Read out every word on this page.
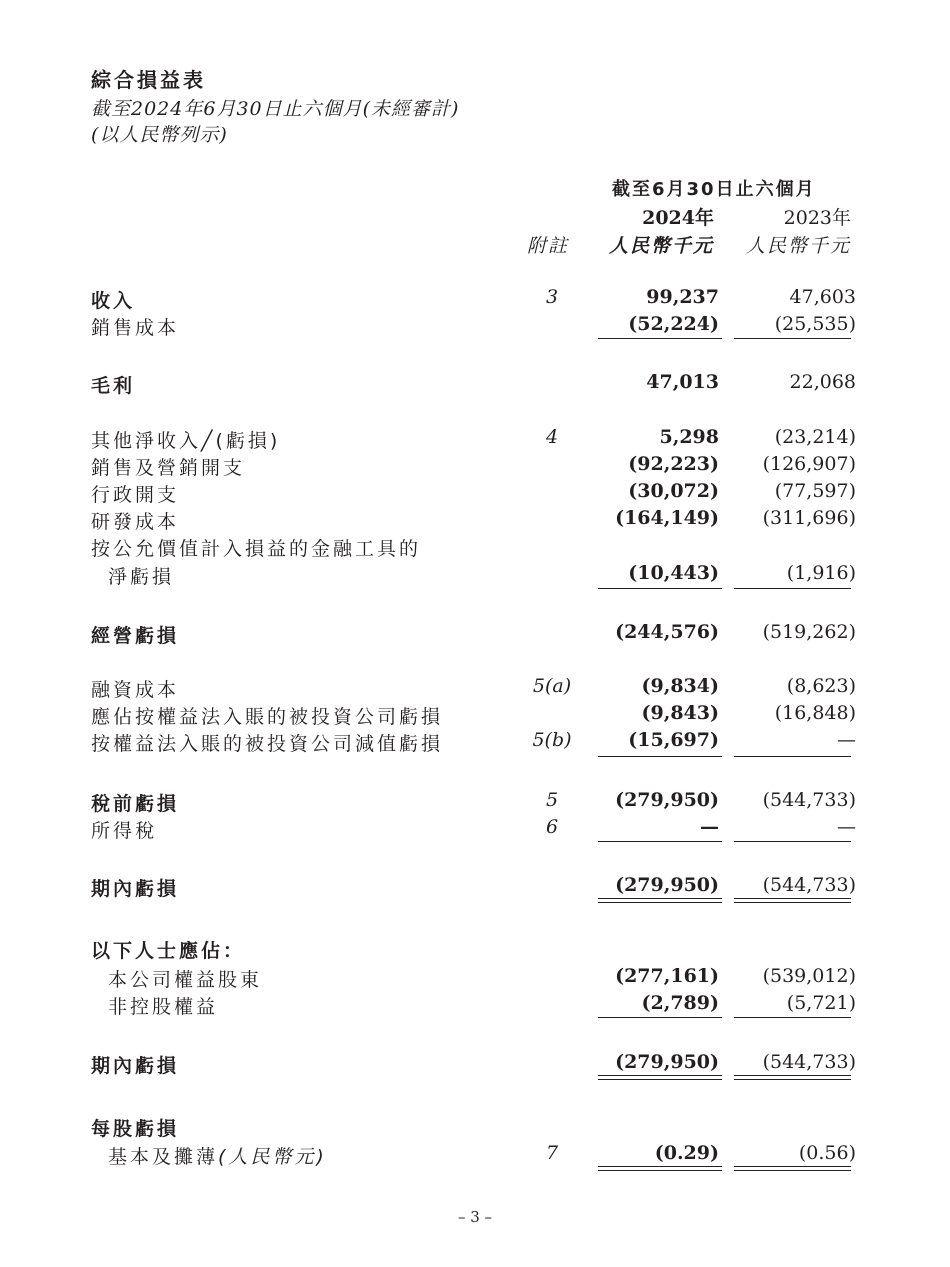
綜合損益表
截至2024年6月30日止六個月(未經審計)
(以人民幣列示)
截至6月30日止六個月
2024年	2023年
附註 人民幣千元 人民幣千元
收入	3	99,237	47,603
銷售成本	(52,224)	(25,535)
毛利	47,013	22,068
其他淨收入╱(虧損)	4	5,298	(23,214)
銷售及營銷開支	(92,223) (126,907)
行政開支	(30,072)	(77,597)
研發成本	(164,149) (311,696)
按公允價值計入損益的金融工具的
淨虧損	(10,443)	(1,916)
經營虧損	(244,576) (519,262)
融資成本	5(a)	(9,834)	(8,623)
應佔按權益法入賬的被投資公司虧損	(9,843)	(16,848)
按權益法入賬的被投資公司減值虧損	5(b)	(15,697)	—
稅前虧損	5	(279,950) (544,733)
所得稅	6	—	—
期內虧損	(279,950) (544,733)
以下人士應佔：
本公司權益股東	(277,161) (539,012)
非控股權益	(2,789)	(5,721)
期內虧損	(279,950) (544,733)
每股虧損
基本及攤薄(人民幣元)	7	(0.29)	(0.56)
– 3 –
